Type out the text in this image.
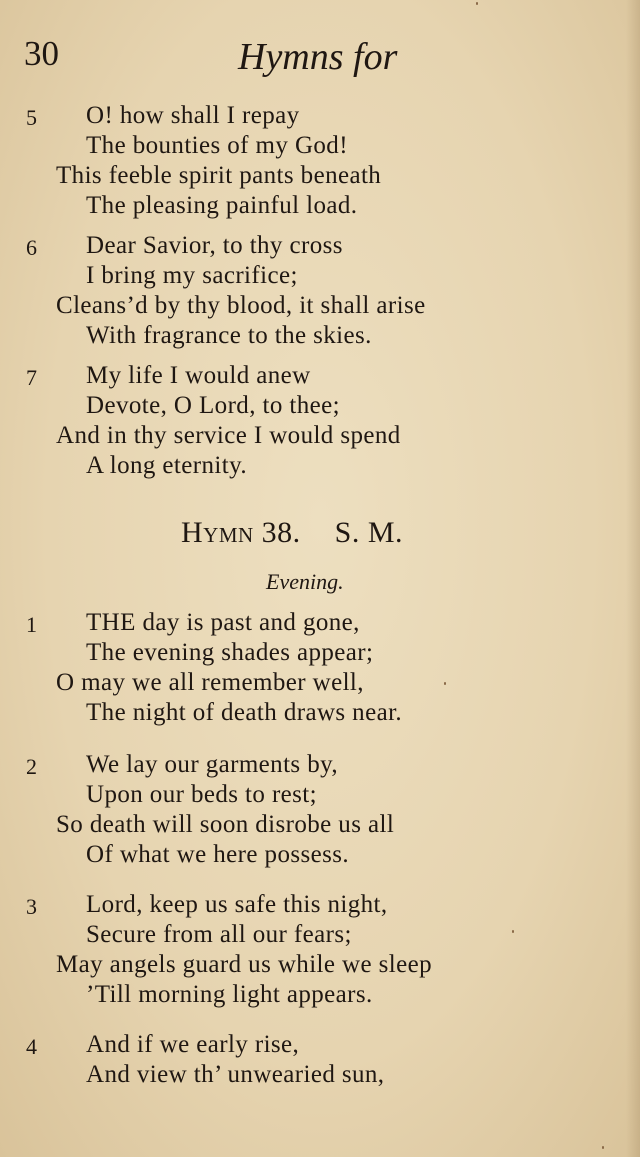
30	Hymns for
5 O! how shall I repay
The bounties of my God!
This feeble spirit pants beneath
The pleasing painful load.
6 Dear Savior, to thy cross
I bring my sacrifice;
Cleans’d by thy blood, it shall arise
With fragrance to the skies.
7 My life I would anew
Devote, O Lord, to thee;
And in thy service I would spend
A long eternity.
Hymn 38. S. M.
Evening.
1 THE day is past and gone,
The evening shades appear;
O may we all remember well,
The night of death draws near.
2 We lay our garments by,
Upon our beds to rest;
So death will soon disrobe us all
Of what we here possess.
3 Lord, keep us safe this night,
Secure from all our fears;
May angels guard us while we sleep
’Till morning light appears.
4 And if we early rise,
And view th’ unwearied sun,
